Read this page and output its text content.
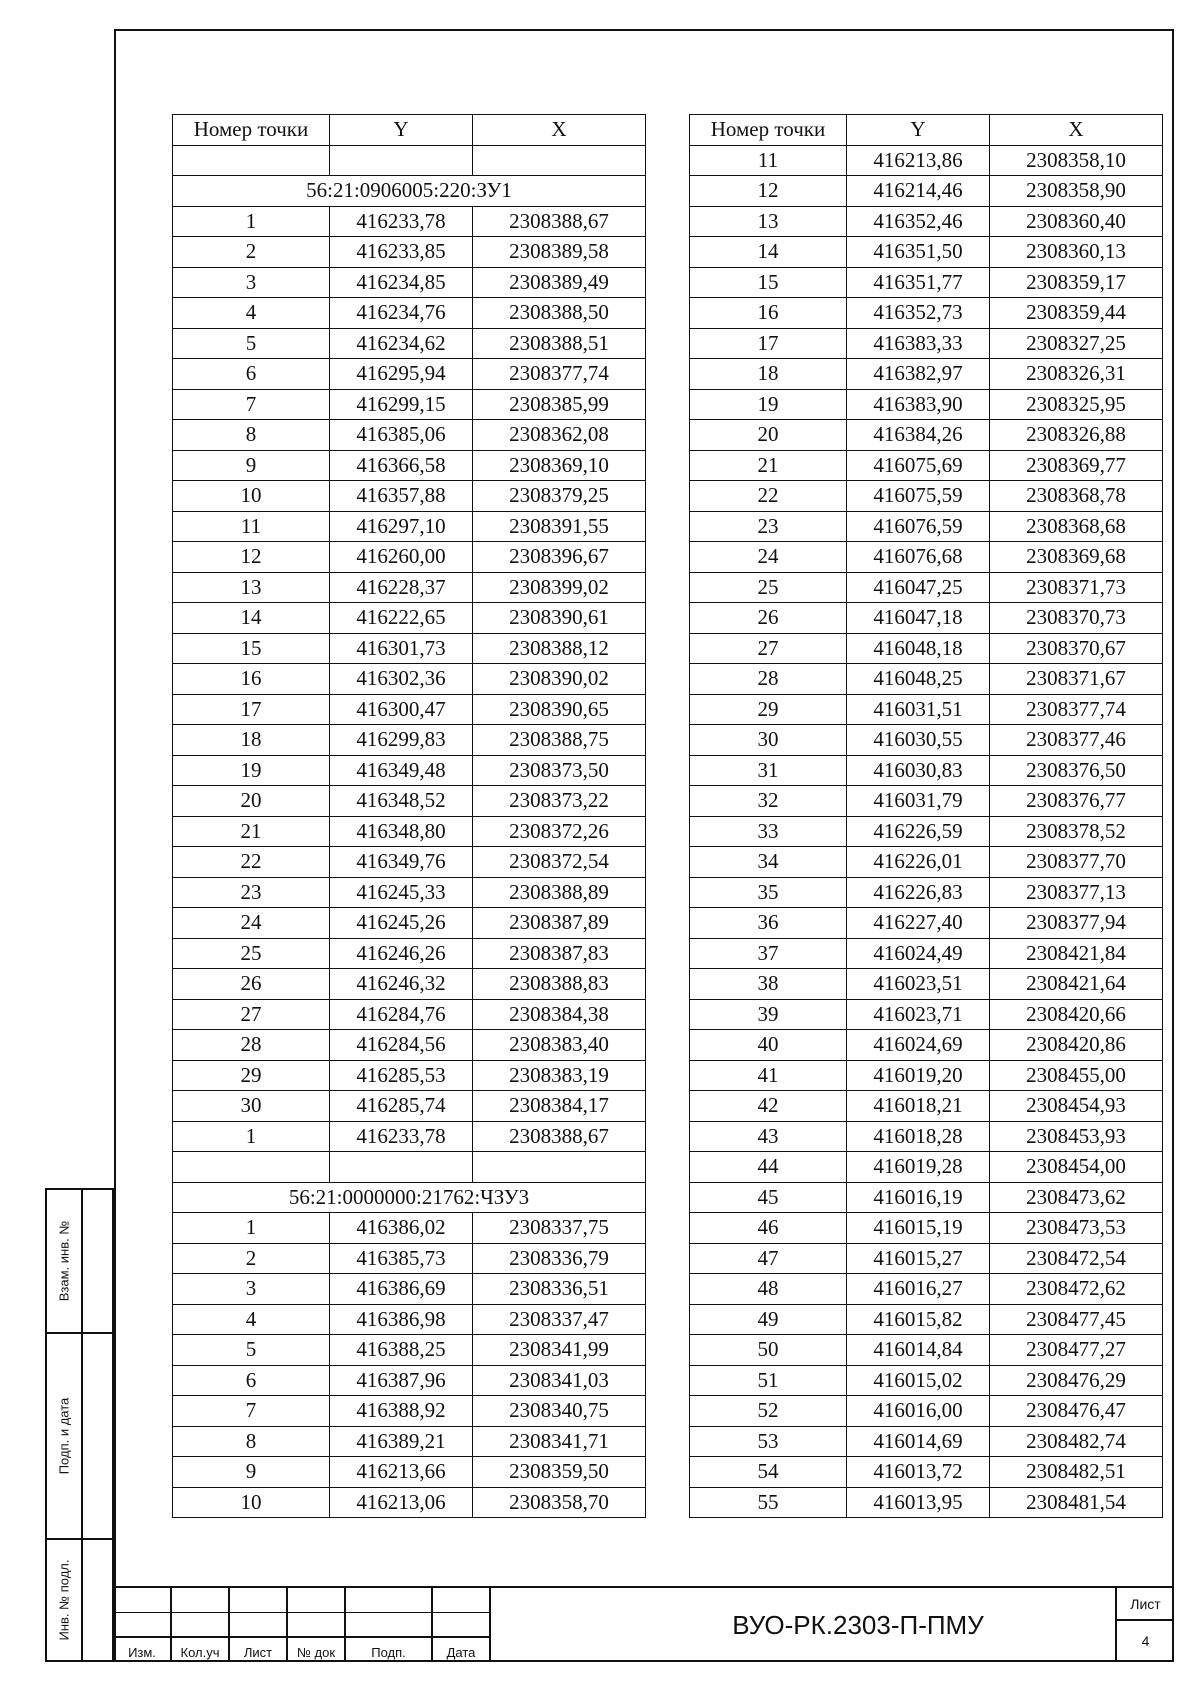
Взам. инв. №
Подп. и дата
Инв. № подл.
Номер точки	Y	X

56:21:0906005:220:ЗУ1		
1	416233,78	2308388,67
2	416233,85	2308389,58
3	416234,85	2308389,49
4	416234,76	2308388,50
5	416234,62	2308388,51
6	416295,94	2308377,74
7	416299,15	2308385,99
8	416385,06	2308362,08
9	416366,58	2308369,10
10	416357,88	2308379,25
11	416297,10	2308391,55
12	416260,00	2308396,67
13	416228,37	2308399,02
14	416222,65	2308390,61
15	416301,73	2308388,12
16	416302,36	2308390,02
17	416300,47	2308390,65
18	416299,83	2308388,75
19	416349,48	2308373,50
20	416348,52	2308373,22
21	416348,80	2308372,26
22	416349,76	2308372,54
23	416245,33	2308388,89
24	416245,26	2308387,89
25	416246,26	2308387,83
26	416246,32	2308388,83
27	416284,76	2308384,38
28	416284,56	2308383,40
29	416285,53	2308383,19
30	416285,74	2308384,17
1	416233,78	2308388,67

56:21:0000000:21762:ЧЗУ3		
1	416386,02	2308337,75
2	416385,73	2308336,79
3	416386,69	2308336,51
4	416386,98	2308337,47
5	416388,25	2308341,99
6	416387,96	2308341,03
7	416388,92	2308340,75
8	416389,21	2308341,71
9	416213,66	2308359,50
10	416213,06	2308358,70
Номер точки	Y	X
11	416213,86	2308358,10
12	416214,46	2308358,90
13	416352,46	2308360,40
14	416351,50	2308360,13
15	416351,77	2308359,17
16	416352,73	2308359,44
17	416383,33	2308327,25
18	416382,97	2308326,31
19	416383,90	2308325,95
20	416384,26	2308326,88
21	416075,69	2308369,77
22	416075,59	2308368,78
23	416076,59	2308368,68
24	416076,68	2308369,68
25	416047,25	2308371,73
26	416047,18	2308370,73
27	416048,18	2308370,67
28	416048,25	2308371,67
29	416031,51	2308377,74
30	416030,55	2308377,46
31	416030,83	2308376,50
32	416031,79	2308376,77
33	416226,59	2308378,52
34	416226,01	2308377,70
35	416226,83	2308377,13
36	416227,40	2308377,94
37	416024,49	2308421,84
38	416023,51	2308421,64
39	416023,71	2308420,66
40	416024,69	2308420,86
41	416019,20	2308455,00
42	416018,21	2308454,93
43	416018,28	2308453,93
44	416019,28	2308454,00
45	416016,19	2308473,62
46	416015,19	2308473,53
47	416015,27	2308472,54
48	416016,27	2308472,62
49	416015,82	2308477,45
50	416014,84	2308477,27
51	416015,02	2308476,29
52	416016,00	2308476,47
53	416014,69	2308482,74
54	416013,72	2308482,51
55	416013,95	2308481,54
Изм.	Кол.уч	Лист	№ док	Подп.	Дата
ВУО-РК.2303-П-ПМУ
Лист
4
